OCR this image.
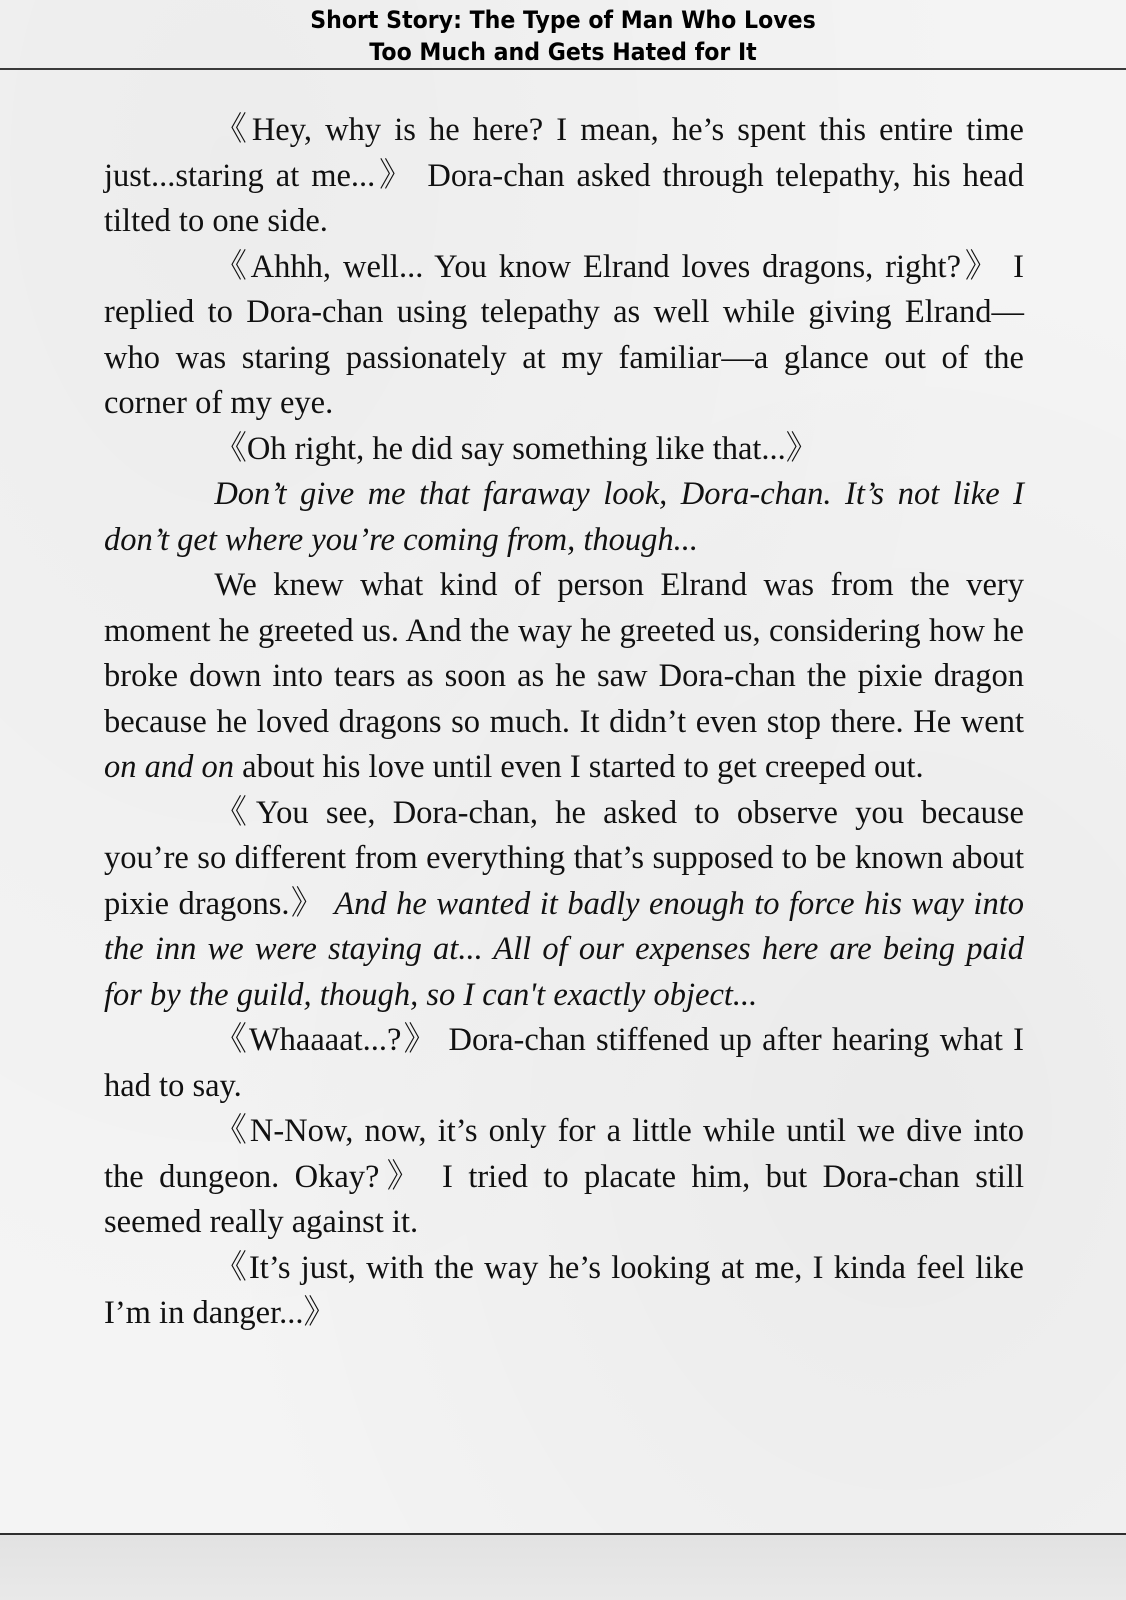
Short Story: The Type of Man Who Loves
Too Much and Gets Hated for It

《Hey, why is he here? I mean, he’s spent this entire time just...staring at me...》 Dora-chan asked through telepathy, his head tilted to one side.

《Ahhh, well... You know Elrand loves dragons, right?》 I replied to Dora-chan using telepathy as well while giving Elrand—who was staring passionately at my familiar—a glance out of the corner of my eye.

《Oh right, he did say something like that...》

Don’t give me that faraway look, Dora-chan. It’s not like I don’t get where you’re coming from, though...

We knew what kind of person Elrand was from the very moment he greeted us. And the way he greeted us, considering how he broke down into tears as soon as he saw Dora-chan the pixie dragon because he loved dragons so much. It didn’t even stop there. He went on and on about his love until even I started to get creeped out.

《You see, Dora-chan, he asked to observe you because you’re so different from everything that’s supposed to be known about pixie dragons.》 And he wanted it badly enough to force his way into the inn we were staying at... All of our expenses here are being paid for by the guild, though, so I can't exactly object...

《Whaaaat...?》 Dora-chan stiffened up after hearing what I had to say.

《N-Now, now, it’s only for a little while until we dive into the dungeon. Okay?》 I tried to placate him, but Dora-chan still seemed really against it.

《It’s just, with the way he’s looking at me, I kinda feel like I’m in danger...》
